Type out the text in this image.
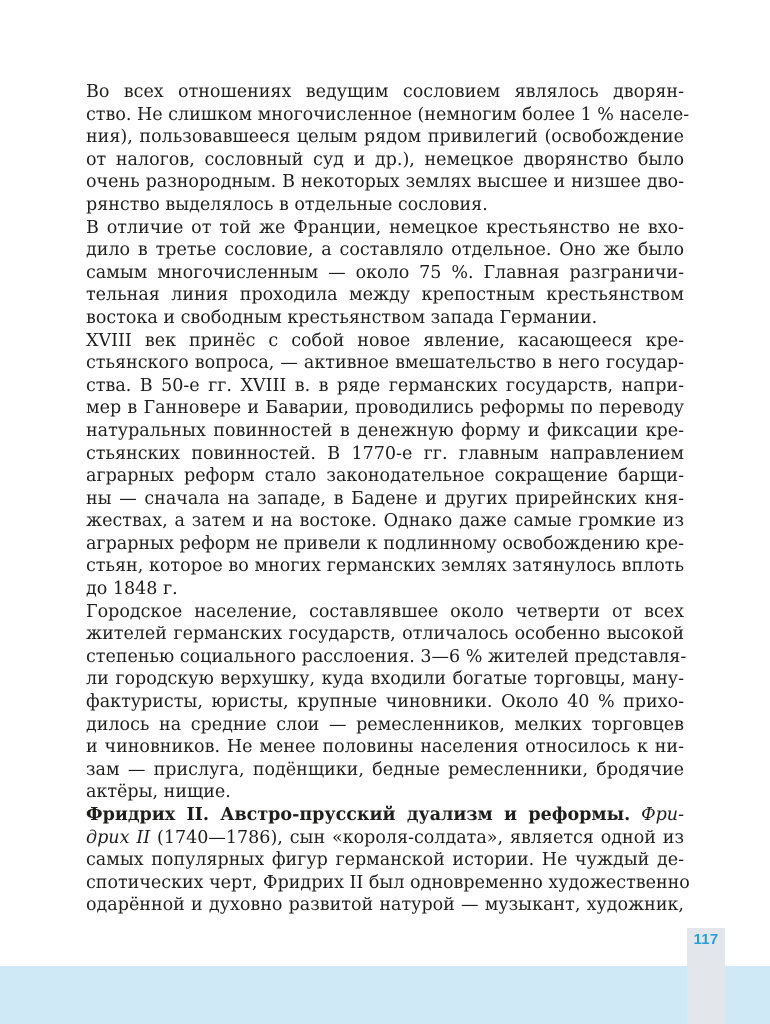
117
Во всех отношениях ведущим сословием являлось дворян-
ство. Не слишком многочисленное (немногим более 1 % населе-
ния), пользовавшееся целым рядом привилегий (освобождение
от налогов, сословный суд и др.), немецкое дворянство было
очень разнородным. В некоторых землях высшее и низшее дво-
рянство выделялось в отдельные сословия.
В отличие от той же Франции, немецкое крестьянство не вхо-
дило в третье сословие, а составляло отдельное. Оно же было
самым многочисленным — около 75 %. Главная разграничи-
тельная линия проходила между крепостным крестьянством
востока и свободным крестьянством запада Германии.
XVIII век принёс с собой новое явление, касающееся кре-
стьянского вопроса, — активное вмешательство в него государ-
ства. В 50-е гг. XVIII в. в ряде германских государств, напри-
мер в Ганновере и Баварии, проводились реформы по переводу
натуральных повинностей в денежную форму и фиксации кре-
стьянских повинностей. В 1770-е гг. главным направлением
аграрных реформ стало законодательное сокращение барщи-
ны — сначала на западе, в Бадене и других прирейнских кня-
жествах, а затем и на востоке. Однако даже самые громкие из
аграрных реформ не привели к подлинному освобождению кре-
стьян, которое во многих германских землях затянулось вплоть
до 1848 г.
Городское население, составлявшее около четверти от всех
жителей германских государств, отличалось особенно высокой
степенью социального расслоения. 3—6 % жителей представля-
ли городскую верхушку, куда входили богатые торговцы, ману-
фактуристы, юристы, крупные чиновники. Около 40 % прихо-
дилось на средние слои — ремесленников, мелких торговцев
и чиновников. Не менее половины населения относилось к ни-
зам — прислуга, подёнщики, бедные ремесленники, бродячие
актёры, нищие.
Фридрих II. Австро-прусский дуализм и реформы. Фри-
дрих II (1740—1786), сын «короля-солдата», является одной из
самых популярных фигур германской истории. Не чуждый де-
спотических черт, Фридрих II был одновременно художественно
одарённой и духовно развитой натурой — музыкант, художник,
